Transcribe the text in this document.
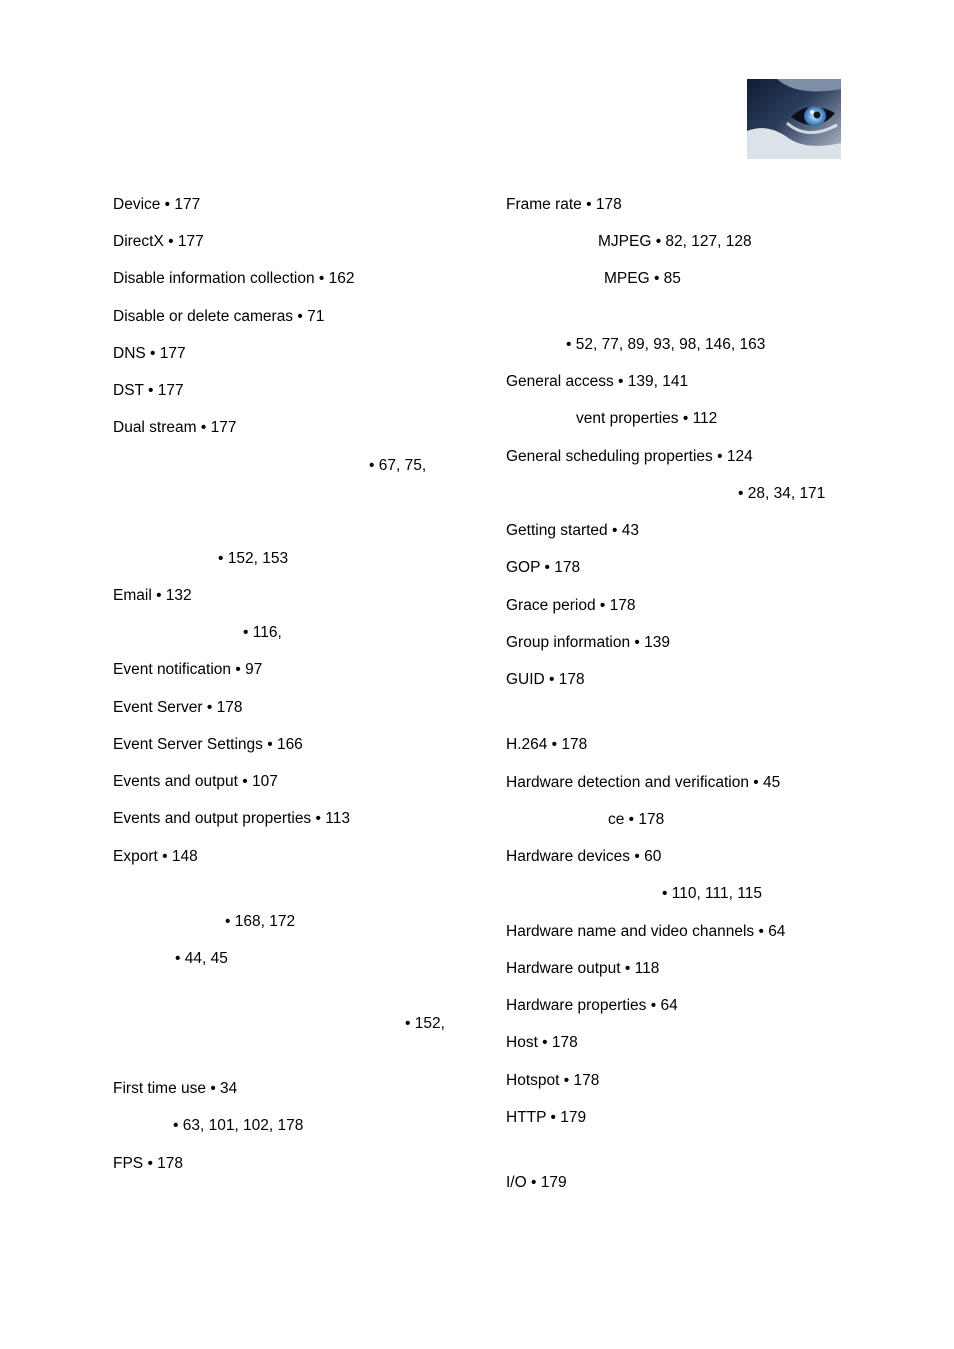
Device • 177
DirectX • 177
Disable information collection • 162
Disable or delete cameras • 71
DNS • 177
DST • 177
Dual stream • 177
• 67, 75,
• 152, 153
Email • 132
• 116,
Event notification • 97
Event Server • 178
Event Server Settings • 166
Events and output • 107
Events and output properties • 113
Export • 148
• 168, 172
• 44, 45
• 152,
First time use • 34
• 63, 101, 102, 178
FPS • 178
Frame rate • 178
MJPEG • 82, 127, 128
MPEG • 85
• 52, 77, 89, 93, 98, 146, 163
General access • 139, 141
vent properties • 112
General scheduling properties • 124
• 28, 34, 171
Getting started • 43
GOP • 178
Grace period • 178
Group information • 139
GUID • 178
H.264 • 178
Hardware detection and verification • 45
ce • 178
Hardware devices • 60
• 110, 111, 115
Hardware name and video channels • 64
Hardware output • 118
Hardware properties • 64
Host • 178
Hotspot • 178
HTTP • 179
I/O • 179
